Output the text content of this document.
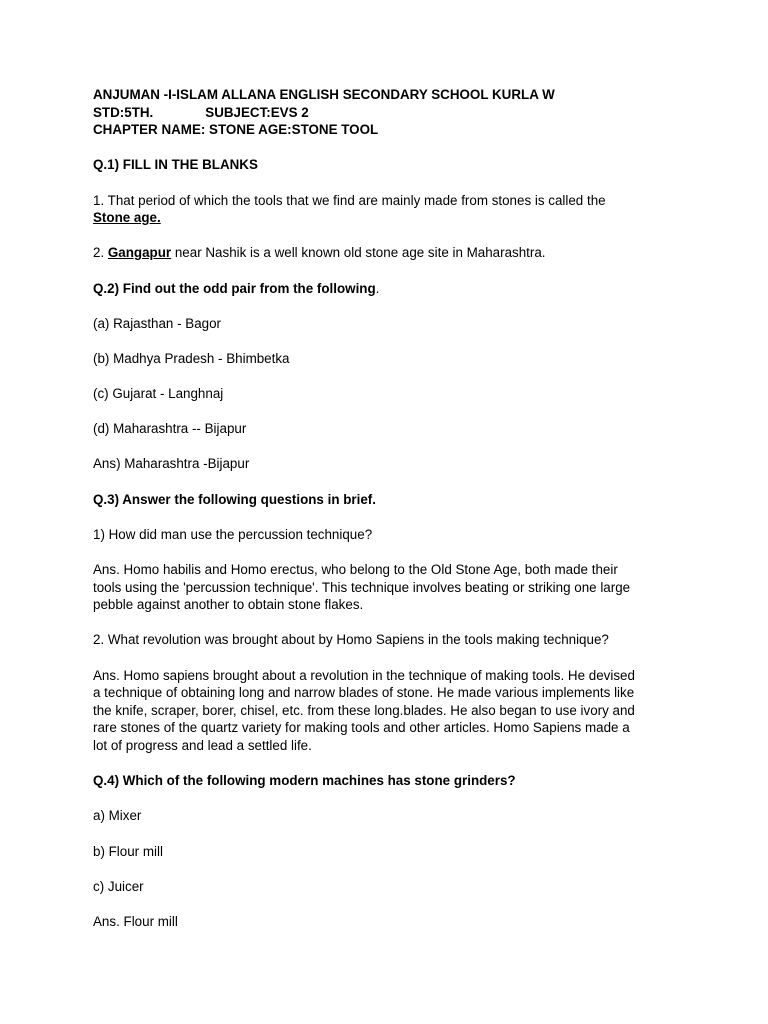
ANJUMAN -I-ISLAM ALLANA ENGLISH SECONDARY SCHOOL KURLA W

STD:5TH.	SUBJECT:EVS 2

CHAPTER NAME: STONE AGE:STONE TOOL

Q.1) FILL IN THE BLANKS

1. That period of which the tools that we find are mainly made from stones is called the
Stone age.

2. Gangapur near Nashik is a well known old stone age site in Maharashtra.

Q.2) Find out the odd pair from the following.

(a) Rajasthan - Bagor

(b) Madhya Pradesh - Bhimbetka

(c) Gujarat - Langhnaj

(d) Maharashtra -- Bijapur

Ans) Maharashtra -Bijapur

Q.3) Answer the following questions in brief.

1) How did man use the percussion technique?

Ans. Homo habilis and Homo erectus, who belong to the Old Stone Age, both made their
tools using the 'percussion technique'. This technique involves beating or striking one large
pebble against another to obtain stone flakes.

2. What revolution was brought about by Homo Sapiens in the tools making technique?

Ans. Homo sapiens brought about a revolution in the technique of making tools. He devised
a technique of obtaining long and narrow blades of stone. He made various implements like
the knife, scraper, borer, chisel, etc. from these long.blades. He also began to use ivory and
rare stones of the quartz variety for making tools and other articles. Homo Sapiens made a
lot of progress and lead a settled life.

Q.4) Which of the following modern machines has stone grinders?

a) Mixer

b) Flour mill

c) Juicer

Ans. Flour mill
